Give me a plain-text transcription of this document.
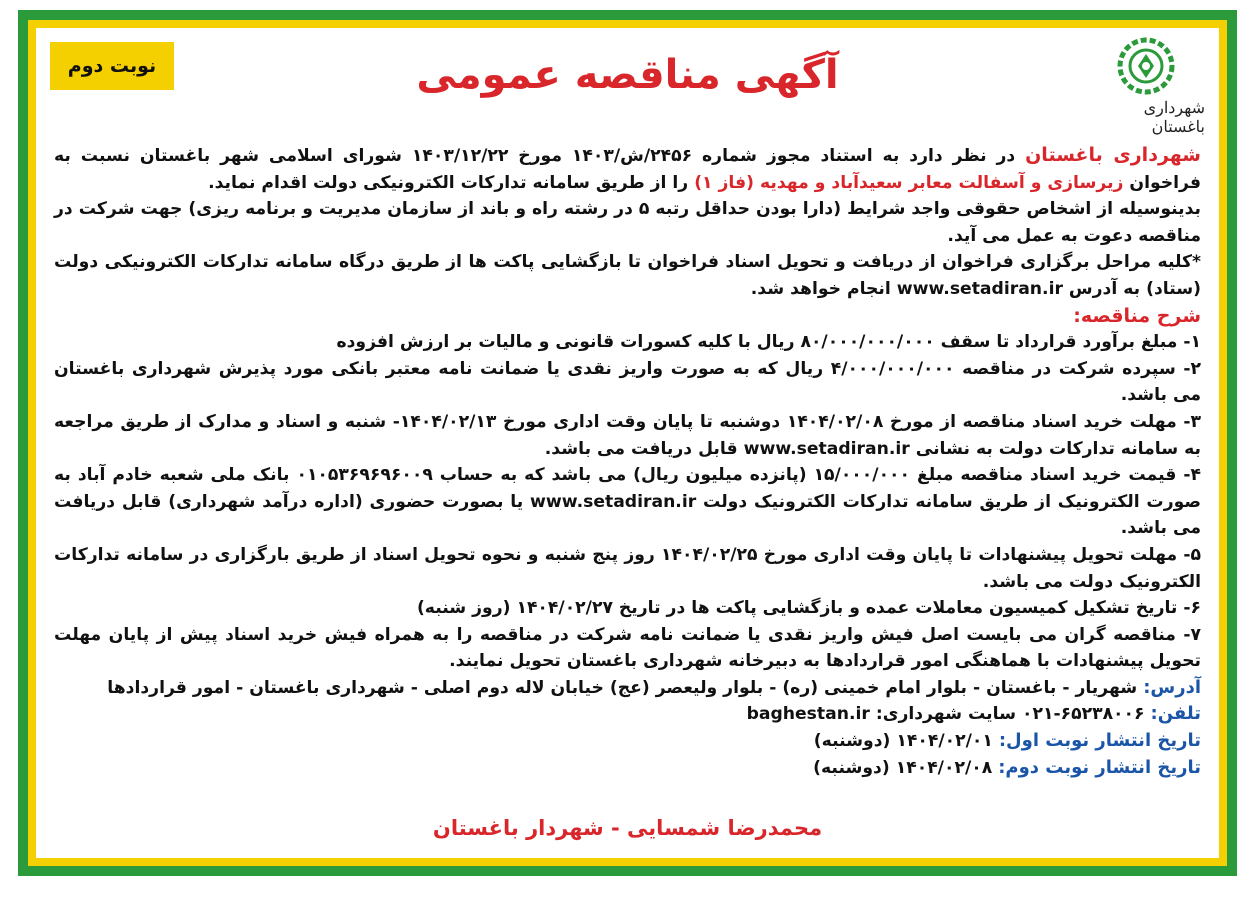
نوبت دوم
شهرداری باغستان
آگهی مناقصه عمومی

شهرداری باغستان در نظر دارد به استناد مجوز شماره ۲۴۵۶/ش/۱۴۰۳ مورخ ۱۴۰۳/۱۲/۲۲ شورای اسلامی شهر باغستان نسبت به فراخوان زیرسازی و آسفالت معابر سعیدآباد و مهدیه (فاز ۱) را از طریق سامانه تدارکات الکترونیکی دولت اقدام نماید.

بدینوسیله از اشخاص حقوقی واجد شرایط (دارا بودن حداقل رتبه ۵ در رشته راه و باند از سازمان مدیریت و برنامه ریزی) جهت شرکت در مناقصه دعوت به عمل می آید.

*کلیه مراحل برگزاری فراخوان از دریافت و تحویل اسناد فراخوان تا بازگشایی پاکت ها از طریق درگاه سامانه تدارکات الکترونیکی دولت (ستاد) به آدرس www.setadiran.ir انجام خواهد شد.

شرح مناقصه:

۱- مبلغ برآورد قرارداد تا سقف ۸۰/۰۰۰/۰۰۰/۰۰۰ ریال با کلیه کسورات قانونی و مالیات بر ارزش افزوده

۲- سپرده شرکت در مناقصه ۴/۰۰۰/۰۰۰/۰۰۰ ریال که به صورت واریز نقدی یا ضمانت نامه معتبر بانکی مورد پذیرش شهرداری باغستان می باشد.

۳- مهلت خرید اسناد مناقصه از مورخ ۱۴۰۴/۰۲/۰۸ دوشنبه تا پایان وقت اداری مورخ ۱۴۰۴/۰۲/۱۳- شنبه و اسناد و مدارک از طریق مراجعه به سامانه تدارکات دولت به نشانی www.setadiran.ir قابل دریافت می باشد.

۴- قیمت خرید اسناد مناقصه مبلغ ۱۵/۰۰۰/۰۰۰ (پانزده میلیون ریال) می باشد که به حساب ۰۱۰۵۳۶۹۶۹۶۰۰۹ بانک ملی شعبه خادم آباد به صورت الکترونیک از طریق سامانه تدارکات الکترونیک دولت www.setadiran.ir یا بصورت حضوری (اداره درآمد شهرداری) قابل دریافت می باشد.

۵- مهلت تحویل پیشنهادات تا پایان وقت اداری مورخ ۱۴۰۴/۰۲/۲۵ روز پنج شنبه و نحوه تحویل اسناد از طریق بارگزاری در سامانه تدارکات الکترونیک دولت می باشد.

۶- تاریخ تشکیل کمیسیون معاملات عمده و بازگشایی پاکت ها در تاریخ ۱۴۰۴/۰۲/۲۷ (روز شنبه)

۷- مناقصه گران می بایست اصل فیش واریز نقدی یا ضمانت نامه شرکت در مناقصه را به همراه فیش خرید اسناد پیش از پایان مهلت تحویل پیشنهادات با هماهنگی امور قراردادها به دبیرخانه شهرداری باغستان تحویل نمایند.

آدرس: شهریار - باغستان - بلوار امام خمینی (ره) - بلوار ولیعصر (عج) خیابان لاله دوم اصلی - شهرداری باغستان - امور قراردادها

تلفن: ۶۵۲۳۸۰۰۶-۰۲۱ سایت شهرداری: baghestan.ir

تاریخ انتشار نوبت اول: ۱۴۰۴/۰۲/۰۱ (دوشنبه)

تاریخ انتشار نوبت دوم: ۱۴۰۴/۰۲/۰۸ (دوشنبه)

محمدرضا شمسایی - شهردار باغستان
